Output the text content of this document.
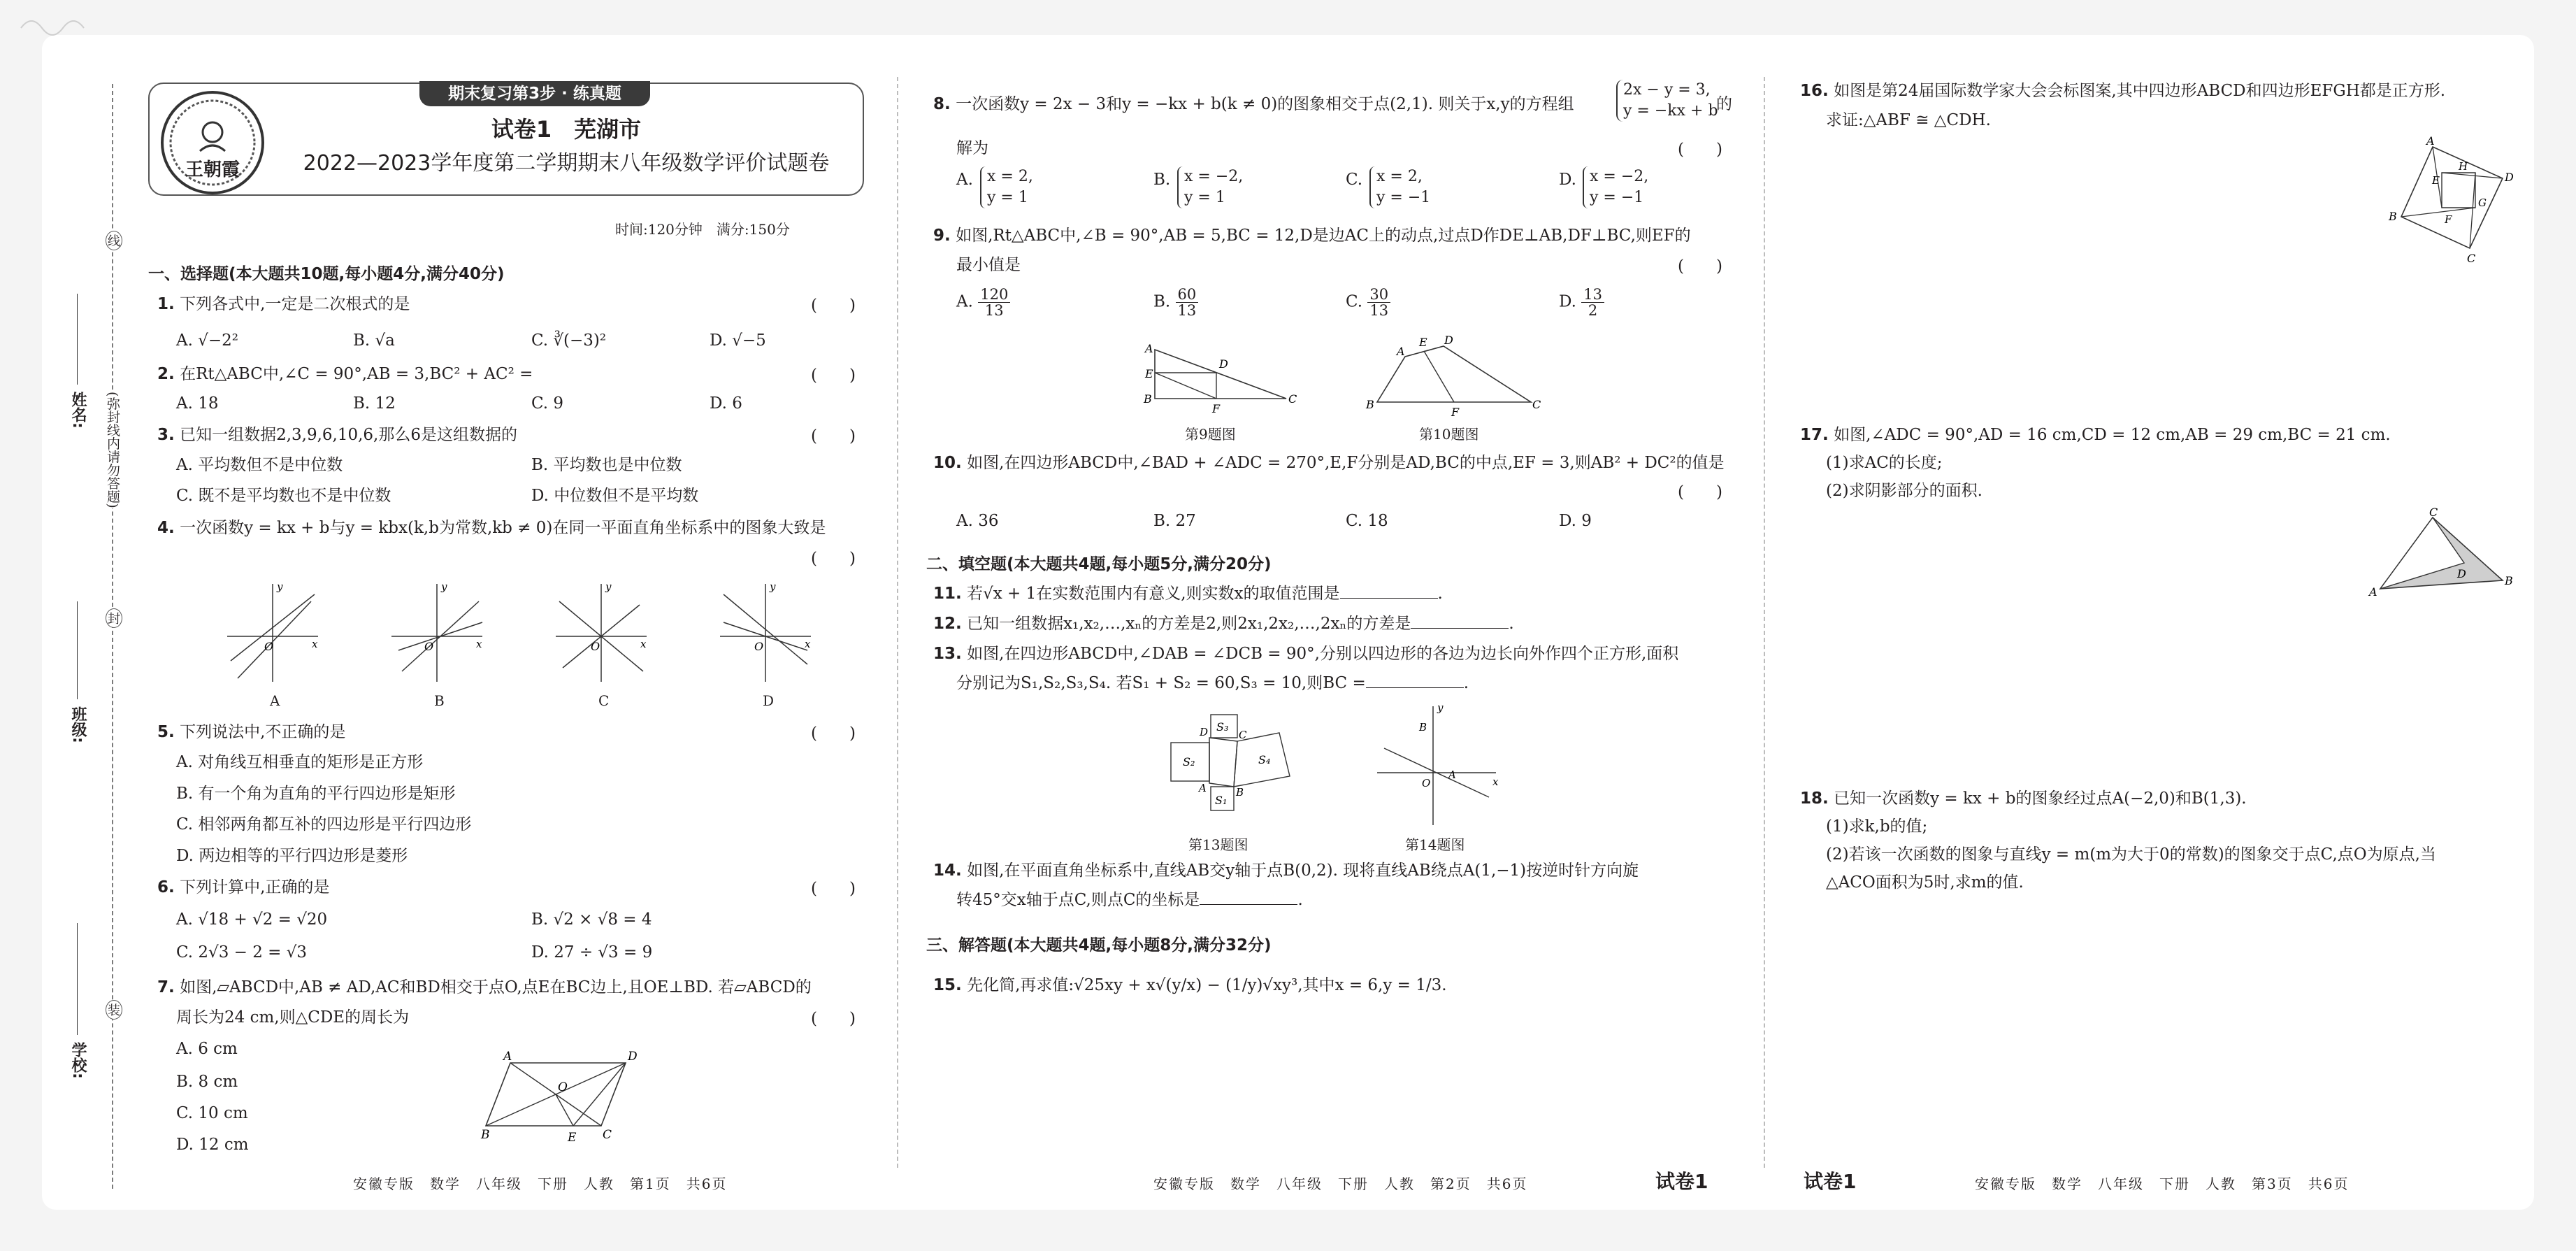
线
封
装
(弥封线内请勿答题)
姓名:
班级:
学校:
期末复习第3步 · 练真题
王朝霞
试卷1　芜湖市
2022—2023学年度第二学期期末八年级数学评价试题卷
时间:120分钟　满分:150分
一、选择题(本大题共10题,每小题4分,满分40分)
1. 下列各式中,一定是二次根式的是	(　　)
A. √−2²	B. √a	C. ∛(−3)²	D. √−5
2. 在Rt△ABC中,∠C = 90°,AB = 3,BC² + AC² =	(　　)
A. 18	B. 12	C. 9	D. 6
3. 已知一组数据2,3,9,6,10,6,那么6是这组数据的	(　　)
A. 平均数但不是中位数	B. 平均数也是中位数
C. 既不是平均数也不是中位数	D. 中位数但不是平均数
4. 一次函数y = kx + b与y = kbx(k,b为常数,kb ≠ 0)在同一平面直角坐标系中的图象大致是
(　　)
O
y
x
A
O
y
x
B
O
y
x
C
O
y
x
D
5. 下列说法中,不正确的是	(　　)
A. 对角线互相垂直的矩形是正方形
B. 有一个角为直角的平行四边形是矩形
C. 相邻两角都互补的四边形是平行四边形
D. 两边相等的平行四边形是菱形
6. 下列计算中,正确的是	(　　)
A. √18 + √2 = √20	B. √2 × √8 = 4
C. 2√3 − 2 = √3	D. 27 ÷ √3 = 9
7. 如图,▱ABCD中,AB ≠ AD,AC和BD相交于点O,点E在BC边上,且OE⊥BD. 若▱ABCD的
周长为24 cm,则△CDE的周长为	(　　)
A. 6 cm
B. 8 cm
C. 10 cm
D. 12 cm
A	D
B	C
O
E
安徽专版　数学　八年级　下册　人教　第1页　共6页
8. 一次函数y = 2x − 3和y = −kx + b(k ≠ 0)的图象相交于点(2,1). 则关于x,y的方程组
2x − y = 3,
y = −kx + b
的
解为	(　　)
A. x = 2,
y = 1
B. x = −2,
y = 1
C. x = 2,
y = −1
D. x = −2,
y = −1
9. 如图,Rt△ABC中,∠B = 90°,AB = 5,BC = 12,D是边AC上的动点,过点D作DE⊥AB,DF⊥BC,则EF的
最小值是	(　　)
A. $\frac{120}{13}$	B. $\frac{60}{13}$	C. $\frac{30}{13}$	D. $\frac{13}{2}$
A
E
B
F
D
C
第9题图
A
E D
B
F
C
第10题图
10. 如图,在四边形ABCD中,∠BAD + ∠ADC = 270°,E,F分别是AD,BC的中点,EF = 3,则AB² + DC²的值是
(　　)
A. 36	B. 27	C. 18	D. 9
二、填空题(本大题共4题,每小题5分,满分20分)
11. 若√x + 1在实数范围内有意义,则实数x的取值范围是	.
12. 已知一组数据x₁,x₂,…,xₙ的方差是2,则2x₁,2x₂,…,2xₙ的方差是	.
13. 如图,在四边形ABCD中,∠DAB = ∠DCB = 90°,分别以四边形的各边为边长向外作四个正方形,面积
分别记为S₁,S₂,S₃,S₄. 若S₁ + S₂ = 60,S₃ = 10,则BC =	.
S₃
S₂
S₁
S₄
D	C
A	B
第13题图
y
x
B
O
A
第14题图
14. 如图,在平面直角坐标系中,直线AB交y轴于点B(0,2). 现将直线AB绕点A(1,−1)按逆时针方向旋
转45°交x轴于点C,则点C的坐标是	.
三、解答题(本大题共4题,每小题8分,满分32分)
15. 先化简,再求值:√25xy + x√(y/x) − (1/y)√xy³,其中x = 6,y = 1/3.
安徽专版　数学　八年级　下册　人教　第2页　共6页	试卷1
16. 如图是第24届国际数学家大会会标图案,其中四边形ABCD和四边形EFGH都是正方形.
求证:△ABF ≅ △CDH.
A
D
B
C
E
H
G
F
17. 如图,∠ADC = 90°,AD = 16 cm,CD = 12 cm,AB = 29 cm,BC = 21 cm.
(1)求AC的长度;
(2)求阴影部分的面积.
C
A
B
D
18. 已知一次函数y = kx + b的图象经过点A(−2,0)和B(1,3).
(1)求k,b的值;
(2)若该一次函数的图象与直线y = m(m为大于0的常数)的图象交于点C,点O为原点,当
△ACO面积为5时,求m的值.
试卷1	安徽专版　数学　八年级　下册　人教　第3页　共6页
